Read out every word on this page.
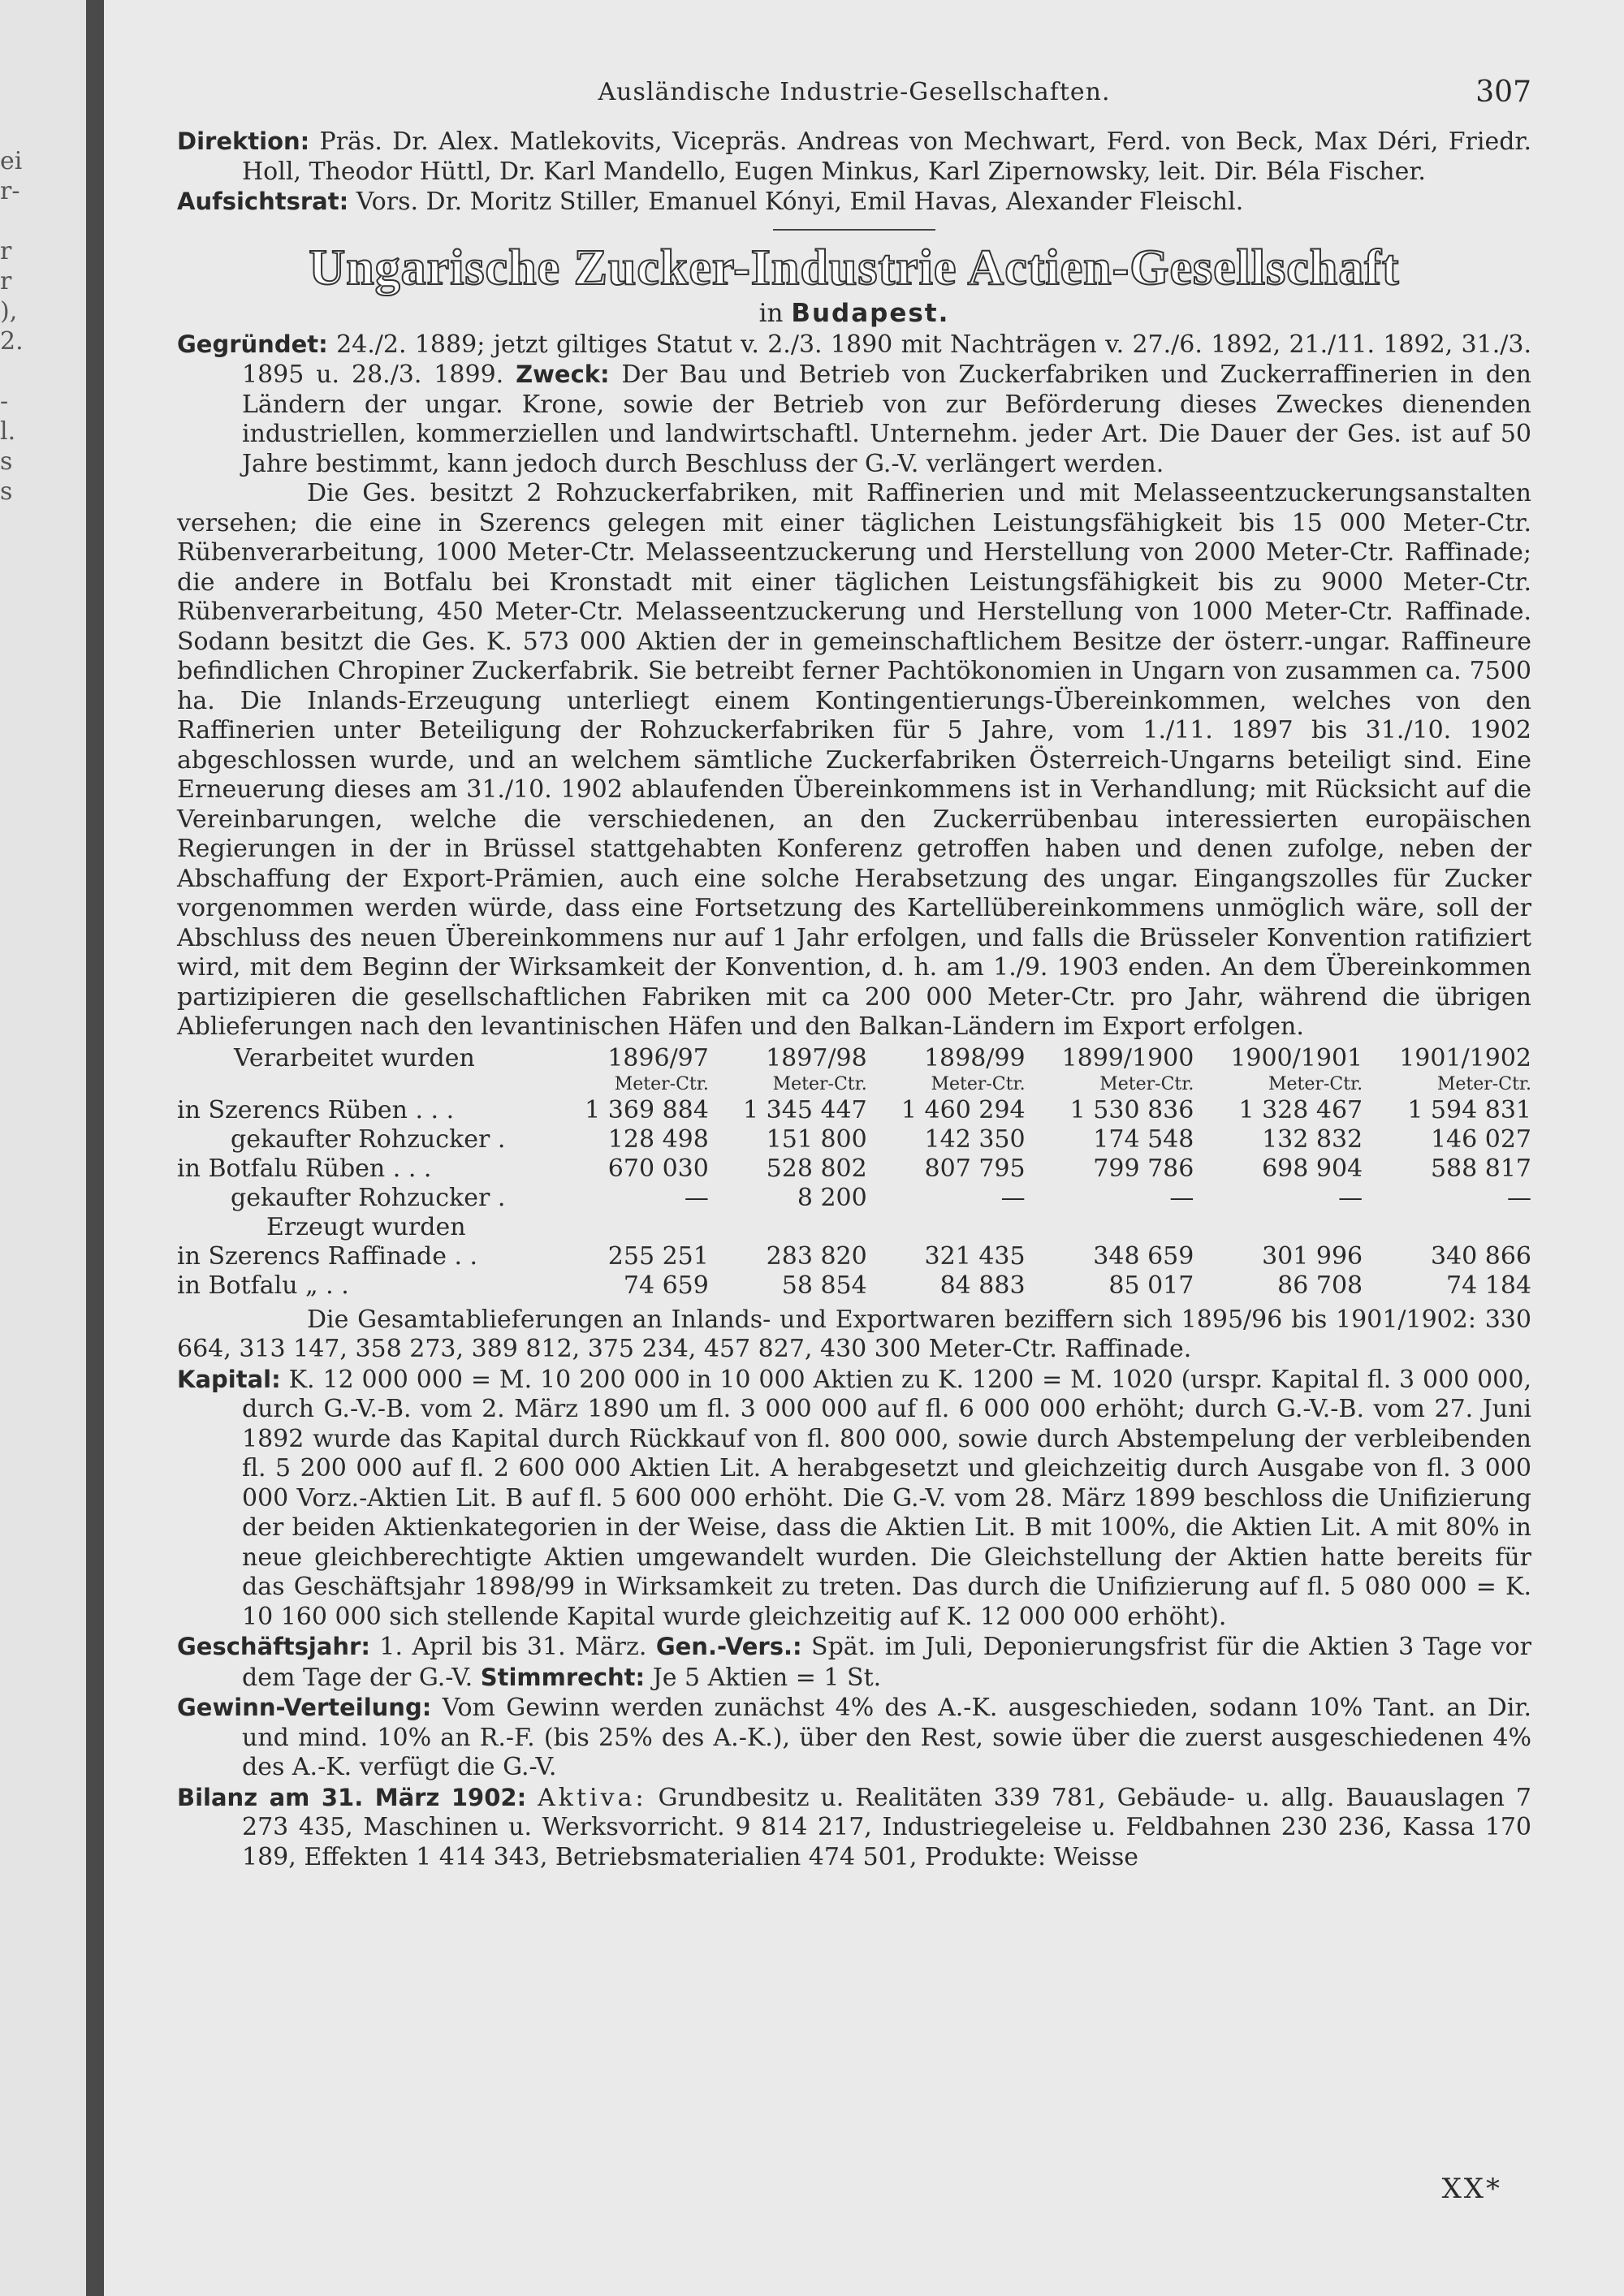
ei
r-
r
r
),
2.
-
l.
s
s
Ausländische Industrie-Gesellschaften.	307

Direktion: Präs. Dr. Alex. Matlekovits, Vicepräs. Andreas von Mechwart, Ferd. von Beck, Max Déri, Friedr. Holl, Theodor Hüttl, Dr. Karl Mandello, Eugen Minkus, Karl Zipernowsky, leit. Dir. Béla Fischer.

Aufsichtsrat: Vors. Dr. Moritz Stiller, Emanuel Kónyi, Emil Havas, Alexander Fleischl.

Ungarische Zucker-Industrie Actien-Gesellschaft
in Budapest.

Gegründet: 24./2. 1889; jetzt giltiges Statut v. 2./3. 1890 mit Nachträgen v. 27./6. 1892, 21./11. 1892, 31./3. 1895 u. 28./3. 1899. Zweck: Der Bau und Betrieb von Zuckerfabriken und Zuckerraffinerien in den Ländern der ungar. Krone, sowie der Betrieb von zur Beförderung dieses Zweckes dienenden industriellen, kommerziellen und landwirtschaftl. Unternehm. jeder Art. Die Dauer der Ges. ist auf 50 Jahre bestimmt, kann jedoch durch Beschluss der G.-V. verlängert werden.

Die Ges. besitzt 2 Rohzuckerfabriken, mit Raffinerien und mit Melasseentzuckerungsanstalten versehen; die eine in Szerencs gelegen mit einer täglichen Leistungsfähigkeit bis 15 000 Meter-Ctr. Rübenverarbeitung, 1000 Meter-Ctr. Melasseentzuckerung und Herstellung von 2000 Meter-Ctr. Raffinade; die andere in Botfalu bei Kronstadt mit einer täglichen Leistungsfähigkeit bis zu 9000 Meter-Ctr. Rübenverarbeitung, 450 Meter-Ctr. Melasseentzuckerung und Herstellung von 1000 Meter-Ctr. Raffinade. Sodann besitzt die Ges. K. 573 000 Aktien der in gemeinschaftlichem Besitze der österr.-ungar. Raffineure befindlichen Chropiner Zuckerfabrik. Sie betreibt ferner Pachtökonomien in Ungarn von zusammen ca. 7500 ha. Die Inlands-Erzeugung unterliegt einem Kontingentierungs-Übereinkommen, welches von den Raffinerien unter Beteiligung der Rohzuckerfabriken für 5 Jahre, vom 1./11. 1897 bis 31./10. 1902 abgeschlossen wurde, und an welchem sämtliche Zuckerfabriken Österreich-Ungarns beteiligt sind. Eine Erneuerung dieses am 31./10. 1902 ablaufenden Übereinkommens ist in Verhandlung; mit Rücksicht auf die Vereinbarungen, welche die verschiedenen, an den Zuckerrübenbau interessierten europäischen Regierungen in der in Brüssel stattgehabten Konferenz getroffen haben und denen zufolge, neben der Abschaffung der Export-Prämien, auch eine solche Herabsetzung des ungar. Eingangszolles für Zucker vorgenommen werden würde, dass eine Fortsetzung des Kartellübereinkommens unmöglich wäre, soll der Abschluss des neuen Übereinkommens nur auf 1 Jahr erfolgen, und falls die Brüsseler Konvention ratifiziert wird, mit dem Beginn der Wirksamkeit der Konvention, d. h. am 1./9. 1903 enden. An dem Übereinkommen partizipieren die gesellschaftlichen Fabriken mit ca 200 000 Meter-Ctr. pro Jahr, während die übrigen Ablieferungen nach den levantinischen Häfen und den Balkan-Ländern im Export erfolgen.

Verarbeitet wurden	1896/97	1897/98	1898/99	1899/1900	1900/1901	1901/1902
	Meter-Ctr.	Meter-Ctr.	Meter-Ctr.	Meter-Ctr.	Meter-Ctr.	Meter-Ctr.
in Szerencs Rüben . . .	1 369 884	1 345 447	1 460 294	1 530 836	1 328 467	1 594 831
gekaufter Rohzucker .	128 498	151 800	142 350	174 548	132 832	146 027
in Botfalu Rüben . . .	670 030	528 802	807 795	799 786	698 904	588 817
gekaufter Rohzucker .	—	8 200	—	—	—	—
Erzeugt wurden						
in Szerencs Raffinade . .	255 251	283 820	321 435	348 659	301 996	340 866
in Botfalu „ . .	74 659	58 854	84 883	85 017	86 708	74 184

Die Gesamtablieferungen an Inlands- und Exportwaren beziffern sich 1895/96 bis 1901/1902: 330 664, 313 147, 358 273, 389 812, 375 234, 457 827, 430 300 Meter-Ctr. Raffinade.

Kapital: K. 12 000 000 = M. 10 200 000 in 10 000 Aktien zu K. 1200 = M. 1020 (urspr. Kapital fl. 3 000 000, durch G.-V.-B. vom 2. März 1890 um fl. 3 000 000 auf fl. 6 000 000 erhöht; durch G.-V.-B. vom 27. Juni 1892 wurde das Kapital durch Rückkauf von fl. 800 000, sowie durch Abstempelung der verbleibenden fl. 5 200 000 auf fl. 2 600 000 Aktien Lit. A herabgesetzt und gleichzeitig durch Ausgabe von fl. 3 000 000 Vorz.-Aktien Lit. B auf fl. 5 600 000 erhöht. Die G.-V. vom 28. März 1899 beschloss die Unifizierung der beiden Aktienkategorien in der Weise, dass die Aktien Lit. B mit 100%, die Aktien Lit. A mit 80% in neue gleichberechtigte Aktien umgewandelt wurden. Die Gleichstellung der Aktien hatte bereits für das Geschäftsjahr 1898/99 in Wirksamkeit zu treten. Das durch die Unifizierung auf fl. 5 080 000 = K. 10 160 000 sich stellende Kapital wurde gleichzeitig auf K. 12 000 000 erhöht).

Geschäftsjahr: 1. April bis 31. März. Gen.-Vers.: Spät. im Juli, Deponierungsfrist für die Aktien 3 Tage vor dem Tage der G.-V. Stimmrecht: Je 5 Aktien = 1 St.

Gewinn-Verteilung: Vom Gewinn werden zunächst 4% des A.-K. ausgeschieden, sodann 10% Tant. an Dir. und mind. 10% an R.-F. (bis 25% des A.-K.), über den Rest, sowie über die zuerst ausgeschiedenen 4% des A.-K. verfügt die G.-V.

Bilanz am 31. März 1902: Aktiva: Grundbesitz u. Realitäten 339 781, Gebäude- u. allg. Bauauslagen 7 273 435, Maschinen u. Werksvorricht. 9 814 217, Industriegeleise u. Feldbahnen 230 236, Kassa 170 189, Effekten 1 414 343, Betriebsmaterialien 474 501, Produkte: Weisse

XX*
